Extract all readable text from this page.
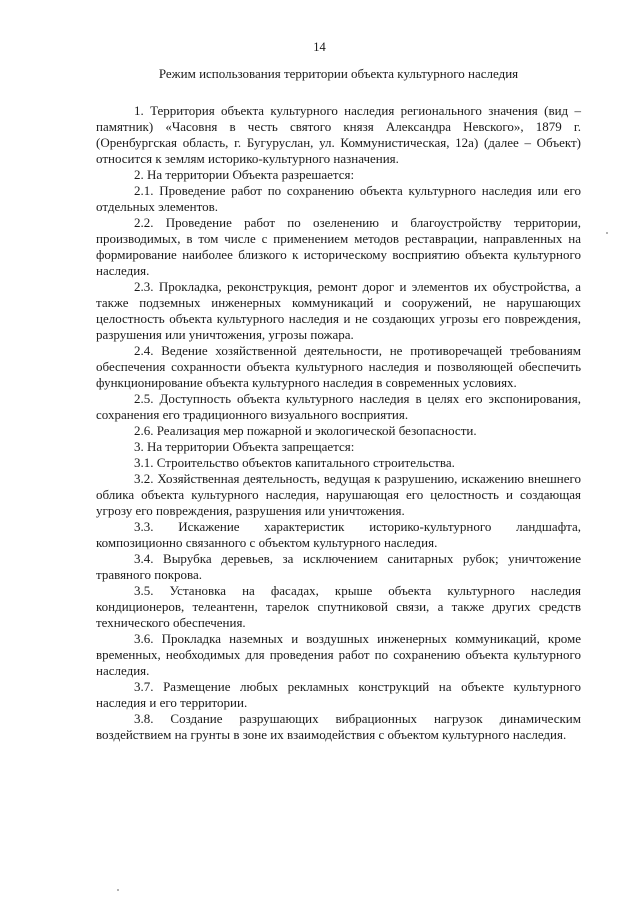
14
Режим использования территории объекта культурного наследия

1. Территория объекта культурного наследия регионального значения (вид – памятник) «Часовня в честь святого князя Александра Невского», 1879 г. (Оренбургская область, г. Бугуруслан, ул. Коммунистическая, 12а) (далее – Объект) относится к землям историко-культурного назначения.

2. На территории Объекта разрешается:

2.1. Проведение работ по сохранению объекта культурного наследия или его отдельных элементов.

2.2. Проведение работ по озеленению и благоустройству территории, производимых, в том числе с применением методов реставрации, направленных на формирование наиболее близкого к историческому восприятию объекта культурного наследия.

2.3. Прокладка, реконструкция, ремонт дорог и элементов их обустройства, а также подземных инженерных коммуникаций и сооружений, не нарушающих целостность объекта культурного наследия и не создающих угрозы его повреждения, разрушения или уничтожения, угрозы пожара.

2.4. Ведение хозяйственной деятельности, не противоречащей требованиям обеспечения сохранности объекта культурного наследия и позволяющей обеспечить функционирование объекта культурного наследия в современных условиях.

2.5. Доступность объекта культурного наследия в целях его экспонирования, сохранения его традиционного визуального восприятия.

2.6. Реализация мер пожарной и экологической безопасности.

3. На территории Объекта запрещается:

3.1. Строительство объектов капитального строительства.

3.2. Хозяйственная деятельность, ведущая к разрушению, искажению внешнего облика объекта культурного наследия, нарушающая его целостность и создающая угрозу его повреждения, разрушения или уничтожения.

3.3. Искажение характеристик историко-культурного ландшафта, композиционно связанного с объектом культурного наследия.

3.4. Вырубка деревьев, за исключением санитарных рубок; уничтожение травяного покрова.

3.5. Установка на фасадах, крыше объекта культурного наследия кондиционеров, телеантенн, тарелок спутниковой связи, а также других средств технического обеспечения.

3.6. Прокладка наземных и воздушных инженерных коммуникаций, кроме временных, необходимых для проведения работ по сохранению объекта культурного наследия.

3.7. Размещение любых рекламных конструкций на объекте культурного наследия и его территории.

3.8. Создание разрушающих вибрационных нагрузок динамическим воздействием на грунты в зоне их взаимодействия с объектом культурного наследия.
